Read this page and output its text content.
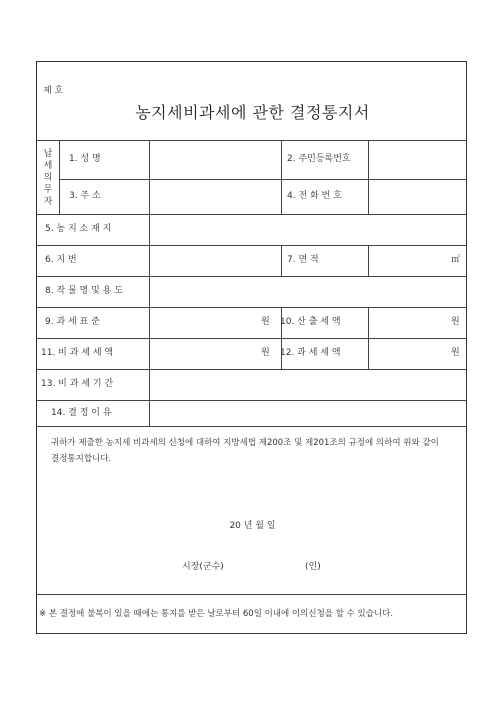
제 호
농지세비과세에 관한 결정통지서
납
세
의
무
자
1. 성 명	2. 주민등록번호
3. 주 소	4. 전 화 번 호
5. 농 지 소 재 지
6. 지 번	7. 면 적	㎡
8. 작 물 명 및 용 도
9. 과 세 표 준	원 10. 산 출 세 액	원
11. 비 과 세 세 액	원 12. 과 세 세 액	원
13. 비 과 세 기 간
14. 결 정 이 유
귀하가 제출한 농지세 비과세의 신청에 대하여 지방세법 제200조 및 제201조의 규정에 의하여 위와 같이 결정통지합니다.
20 년 월 일
시장(군수)	(인)
※ 본 결정에 불복이 있을 때에는 통지를 받은 날로부터 60일 이내에 이의신청을 할 수 있습니다.
